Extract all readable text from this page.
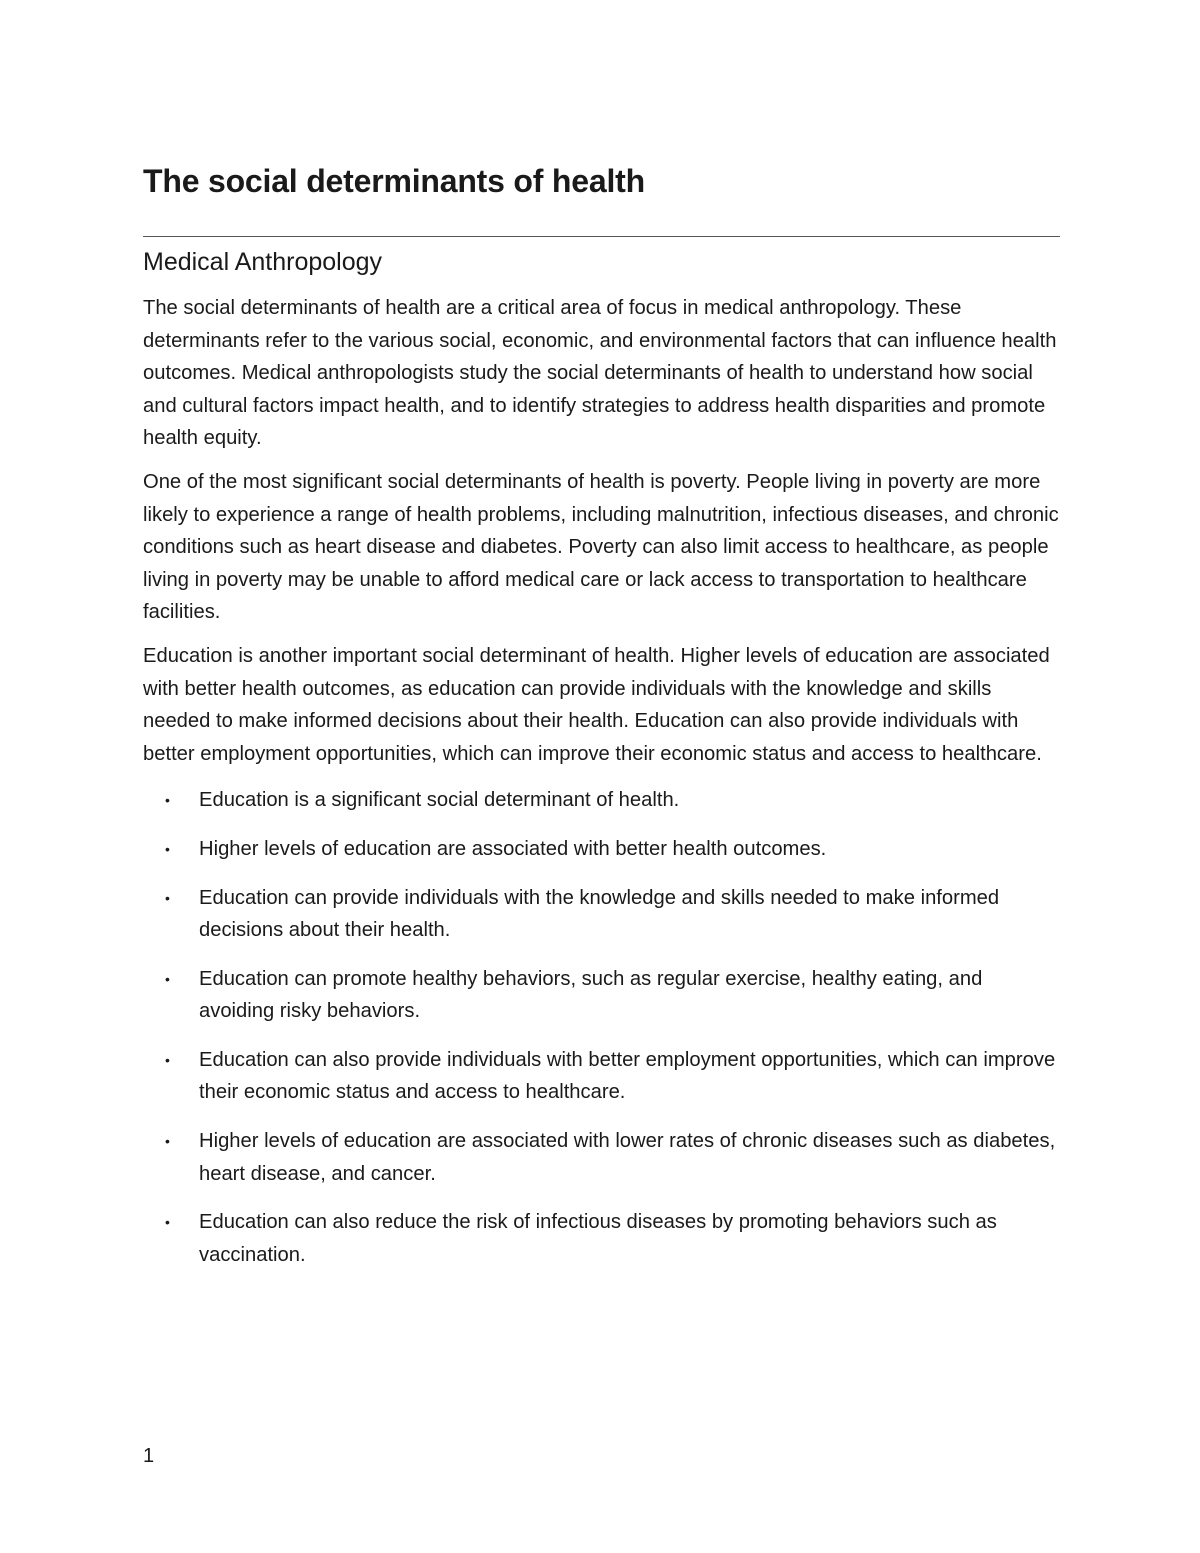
The social determinants of health
Medical Anthropology

The social determinants of health are a critical area of focus in medical anthropology. These determinants refer to the various social, economic, and environmental factors that can influence health outcomes. Medical anthropologists study the social determinants of health to understand how social and cultural factors impact health, and to identify strategies to address health disparities and promote health equity.

One of the most significant social determinants of health is poverty. People living in poverty are more likely to experience a range of health problems, including malnutrition, infectious diseases, and chronic conditions such as heart disease and diabetes. Poverty can also limit access to healthcare, as people living in poverty may be unable to afford medical care or lack access to transportation to healthcare facilities.

Education is another important social determinant of health. Higher levels of education are associated with better health outcomes, as education can provide individuals with the knowledge and skills needed to make informed decisions about their health. Education can also provide individuals with better employment opportunities, which can improve their economic status and access to healthcare.

• Education is a significant social determinant of health.
• Higher levels of education are associated with better health outcomes.
• Education can provide individuals with the knowledge and skills needed to make informed decisions about their health.
• Education can promote healthy behaviors, such as regular exercise, healthy eating, and avoiding risky behaviors.
• Education can also provide individuals with better employment opportunities, which can improve their economic status and access to healthcare.
• Higher levels of education are associated with lower rates of chronic diseases such as diabetes, heart disease, and cancer.
• Education can also reduce the risk of infectious diseases by promoting behaviors such as vaccination.
1
